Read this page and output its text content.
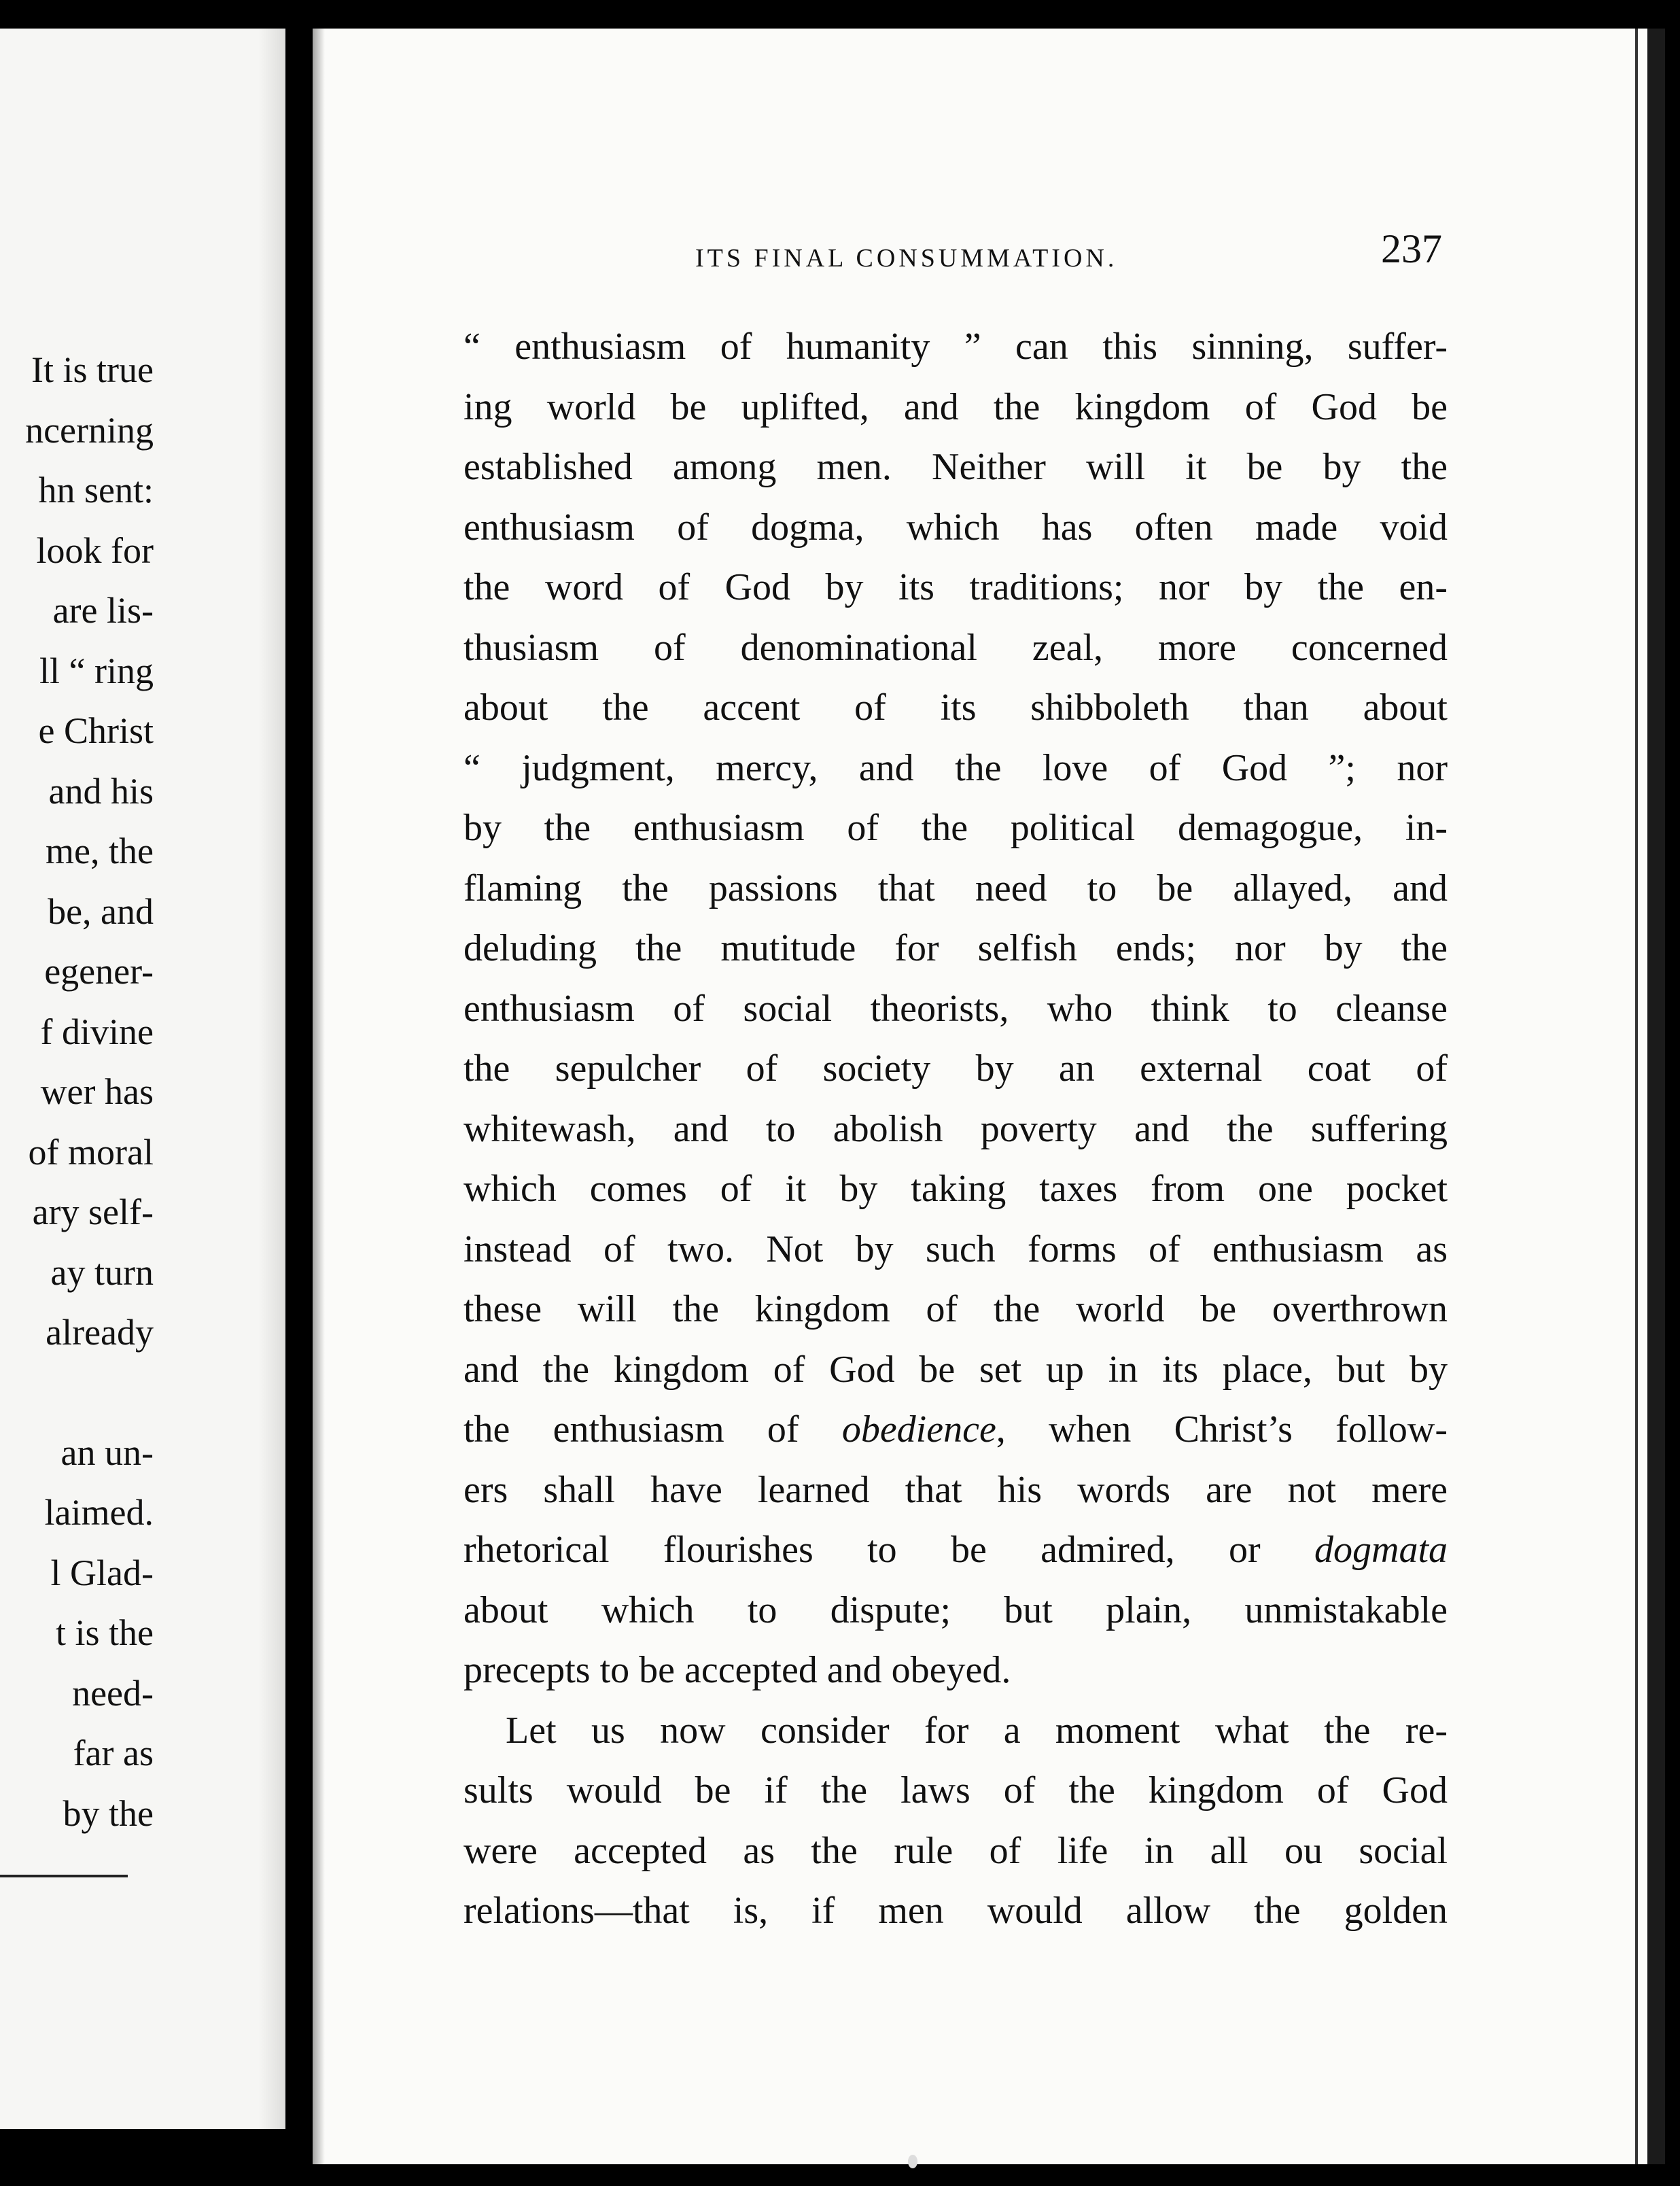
It is true
ncerning
hn sent:
look for
are lis-
ll “ ring
e Christ
and his
me, the
be, and
egener-
f divine
wer has
of moral
ary self-
ay turn
already
an un-
laimed.
l Glad-
t is the
need-
far as
by the
ITS FINAL CONSUMMATION.	237
“ enthusiasm of humanity ” can this sinning, suffer-
ing world be uplifted, and the kingdom of God be
established among men. Neither will it be by the
enthusiasm of dogma, which has often made void
the word of God by its traditions; nor by the en-
thusiasm of denominational zeal, more concerned
about the accent of its shibboleth than about
“ judgment, mercy, and the love of God ”; nor
by the enthusiasm of the political demagogue, in-
flaming the passions that need to be allayed, and
deluding the mutitude for selfish ends; nor by the
enthusiasm of social theorists, who think to cleanse
the sepulcher of society by an external coat of
whitewash, and to abolish poverty and the suffering
which comes of it by taking taxes from one pocket
instead of two. Not by such forms of enthusiasm as
these will the kingdom of the world be overthrown
and the kingdom of God be set up in its place, but by
the enthusiasm of obedience, when Christ’s follow-
ers shall have learned that his words are not mere
rhetorical flourishes to be admired, or dogmata
about which to dispute; but plain, unmistakable
precepts to be accepted and obeyed.
Let us now consider for a moment what the re-
sults would be if the laws of the kingdom of God
were accepted as the rule of life in all ou social
relations—that is, if men would allow the golden
